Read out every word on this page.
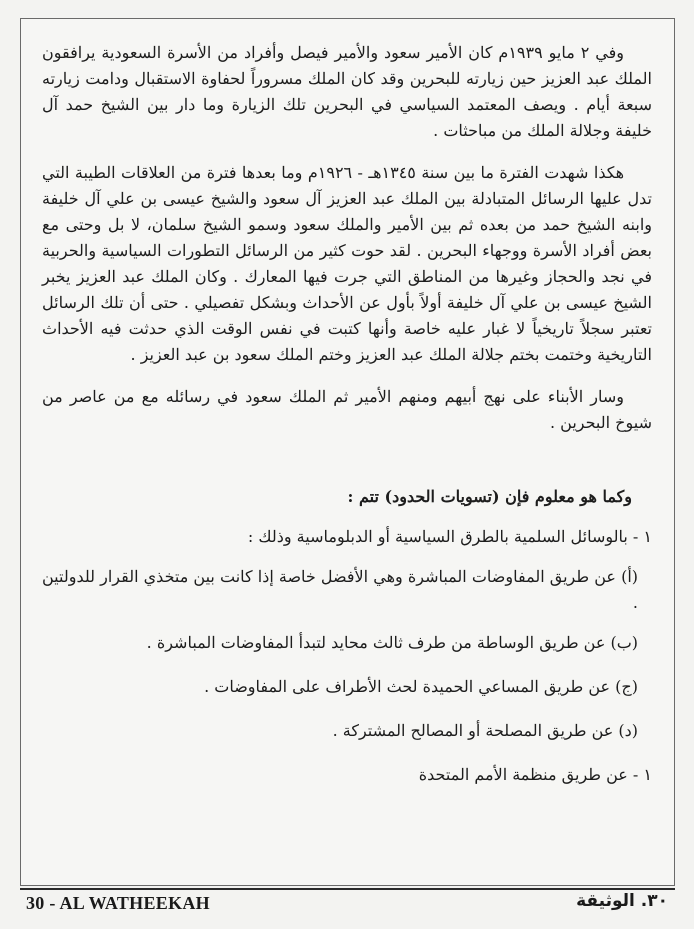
وفي ٢ مايو ١٩٣٩م كان الأمير سعود والأمير فيصل وأفراد من الأسرة السعودية يرافقون الملك عبد العزيز حين زيارته للبحرين وقد كان الملك مسروراً لحفاوة الاستقبال ودامت زيارته سبعة أيام . ويصف المعتمد السياسي في البحرين تلك الزيارة وما دار بين الشيخ حمد آل خليفة وجلالة الملك من مباحثات .

هكذا شهدت الفترة ما بين سنة ١٣٤٥هـ - ١٩٢٦م وما بعدها فترة من العلاقات الطيبة التي تدل عليها الرسائل المتبادلة بين الملك عبد العزيز آل سعود والشيخ عيسى بن علي آل خليفة وابنه الشيخ حمد من بعده ثم بين الأمير والملك سعود وسمو الشيخ سلمان، لا بل وحتى مع بعض أفراد الأسرة ووجهاء البحرين . لقد حوت كثير من الرسائل التطورات السياسية والحربية في نجد والحجاز وغيرها من المناطق التي جرت فيها المعارك . وكان الملك عبد العزيز يخبر الشيخ عيسى بن علي آل خليفة أولاً بأول عن الأحداث وبشكل تفصيلي . حتى أن تلك الرسائل تعتبر سجلاً تاريخياً لا غبار عليه خاصة وأنها كتبت في نفس الوقت الذي حدثت فيه الأحداث التاريخية وختمت بختم جلالة الملك عبد العزيز وختم الملك سعود بن عبد العزيز .

وسار الأبناء على نهج أبيهم ومنهم الأمير ثم الملك سعود في رسائله مع من عاصر من شيوخ البحرين .

وكما هو معلوم فإن (تسويات الحدود) تتم :
١ - بالوسائل السلمية بالطرق السياسية أو الدبلوماسية وذلك :
(أ) عن طريق المفاوضات المباشرة وهي الأفضل خاصة إذا كانت بين متخذي القرار للدولتين .
(ب) عن طريق الوساطة من طرف ثالث محايد لتبدأ المفاوضات المباشرة .
(ج) عن طريق المساعي الحميدة لحث الأطراف على المفاوضات .
(د) عن طريق المصلحة أو المصالح المشتركة .
١ - عن طريق منظمة الأمم المتحدة
30 - AL WATHEEKAH	٣٠. الوثيقة
